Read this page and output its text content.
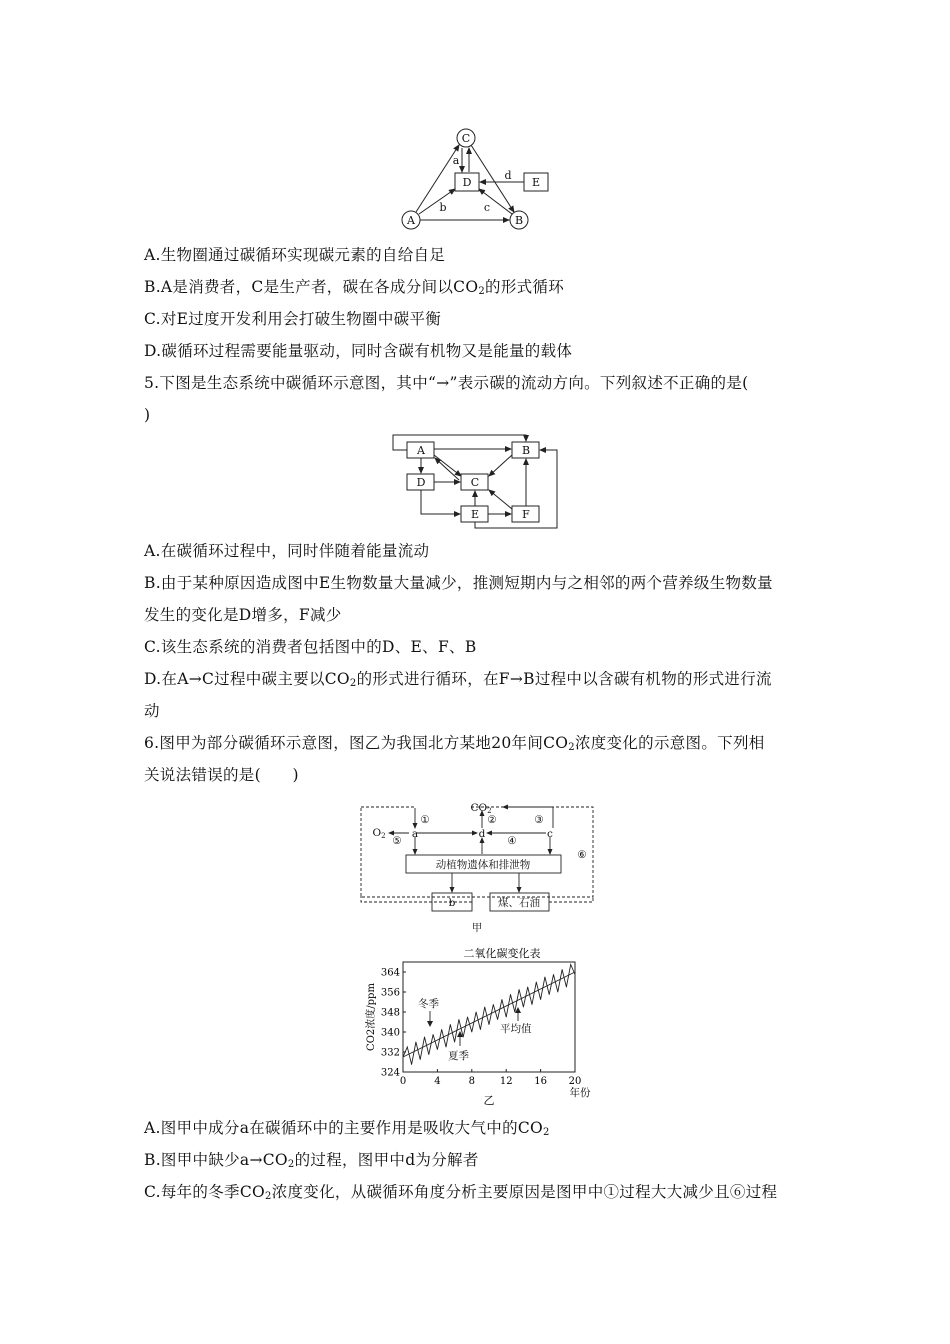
C
A	B
D	E
a
b	c
d
A.生物圈通过碳循环实现碳元素的自给自足
B.A是消费者，C是生产者，碳在各成分间以$CO_2$的形式循环
C.对E过度开发利用会打破生物圈中碳平衡
D.碳循环过程需要能量驱动，同时含碳有机物又是能量的载体
5.下图是生态系统中碳循环示意图，其中“→”表示碳的流动方向。下列叙述不正确的是(
)
A	B
D	C
E	F
A.在碳循环过程中，同时伴随着能量流动
B.由于某种原因造成图中E生物数量大量减少，推测短期内与之相邻的两个营养级生物数量
发生的变化是D增多，F减少
C.该生态系统的消费者包括图中的D、E、F、B
D.在A→C过程中碳主要以$CO_2$的形式进行循环，在F→B过程中以含碳有机物的形式进行流
动
6.图甲为部分碳循环示意图，图乙为我国北方某地20年间$CO_2$浓度变化的示意图。下列相
关说法错误的是(　　)
CO2
O2	a	d	c
①	②	③
④
⑤
⑥
动植物遗体和排泄物
b	煤、石油
甲
二氧化碳变化表
CO2浓度/ppm
324
332
340
348
356
364
0	4	8 12 16 20
冬季
夏季
平均值
年份
乙
A.图甲中成分a在碳循环中的主要作用是吸收大气中的$CO_2$
B.图甲中缺少$a\to CO_2$的过程，图甲中d为分解者
C.每年的冬季$CO_2$浓度变化，从碳循环角度分析主要原因是图甲中①过程大大减少且⑥过程
